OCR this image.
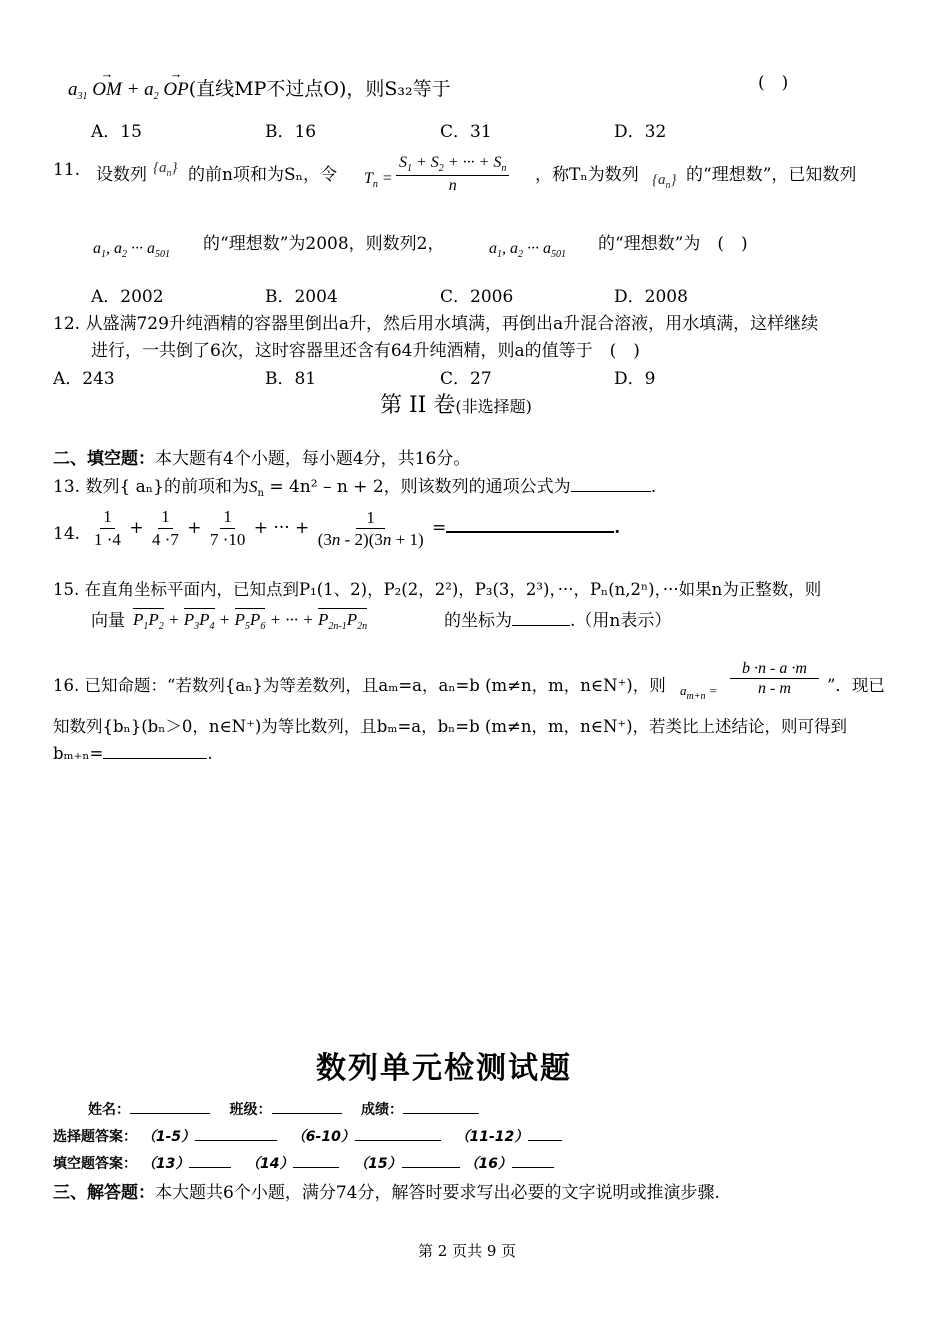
$a_{31}$ OM
→
+ $a_2$ OP
→
(直线MP不过点O)，则S₃₂等于	(　)
A．15	B．16	C．31	D．32
11. 设数列 $\{a_n\}$ 的前n项和为Sₙ，令 $T_n = \frac{S_1 + S_2 + \cdot\cdot\cdot + S_n}{n}$ ，称Tₙ为数列 $\{a_n\}$ 的“理想数”，已知数列
$a_1$, $a_2$ ··· $a_{501}$
的“理想数”为2008，则数列2，	$a_1$, $a_2$ ··· $a_{501}$
的“理想数”为　(　)
A．2002	B．2004	C．2006	D．2008
12. 从盛满729升纯酒精的容器里倒出a升，然后用水填满，再倒出a升混合溶液，用水填满，这样继续
进行，一共倒了6次，这时容器里还含有64升纯酒精，则a的值等于　(　)
A．243	B．81	C．27	D．9
第 II 卷(非选择题)
二、填空题：本大题有4个小题，每小题4分，共16分。
13. 数列{ aₙ}的前项和为$S_n = 4n^2 - n + 2$，则该数列的通项公式为	.
14. $\frac{1}{1 \cdot 4} + \frac{1}{4 \cdot 7} + \frac{1}{7 \cdot 10}$ + ··· + $\frac{1}{(3n - 2)(3n + 1)}$ =	.
15. 在直角坐标平面内，已知点到P₁(1、2)，P₂(2，2²)，P₃(3，2³)，···，Pₙ(n,2ⁿ)，···如果n为正整数，则
向量 $P_1P_2 + P_3P_4 + P_5P_6$ + ··· + $P_{2n-1}P_{2n}$	的坐标为	.（用n表示）
16. 已知命题：“若数列{aₙ}为等差数列，且aₘ=a，aₙ=b (m≠n，m，n∈N⁺)，则 $a_{m+n} = \frac{b \cdot n - a \cdot m}{n - m}$ ”．现已
知数列{bₙ}(bₙ＞0，n∈N⁺)为等比数列，且bₘ=a，bₙ=b (m≠n，m，n∈N⁺)，若类比上述结论，则可得到
bₘ₊ₙ=	.
数列单元检测试题
姓名：	班级：	成绩：
选择题答案： （1-5）	（6-10）	（11-12）
填空题答案： （13）	（14）	（15）	（16）
三、解答题：本大题共6个小题，满分74分，解答时要求写出必要的文字说明或推演步骤.
第 2 页共 9 页
